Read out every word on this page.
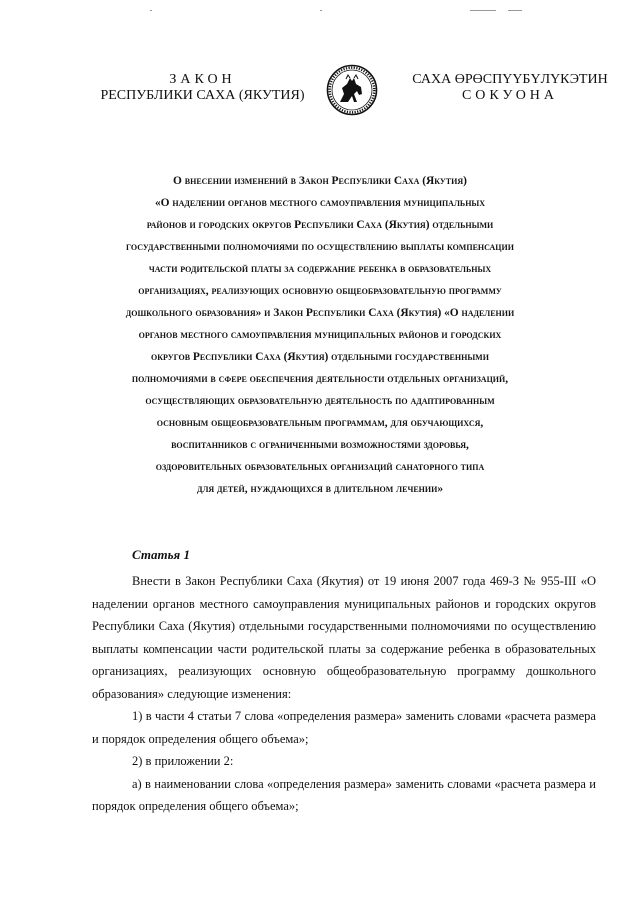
ЗАКОН
РЕСПУБЛИКИ САХА (ЯКУТИЯ)
САХА ӨРӨСПҮҮБҮЛҮКЭТИН
СОКУОНА
О внесении изменений в Закон Республики Саха (Якутия)
«О наделении органов местного самоуправления муниципальных
районов и городских округов Республики Саха (Якутия) отдельными
государственными полномочиями по осуществлению выплаты компенсации
части родительской платы за содержание ребенка в образовательных
организациях, реализующих основную общеобразовательную программу
дошкольного образования» и Закон Республики Саха (Якутия) «О наделении
органов местного самоуправления муниципальных районов и городских
округов Республики Саха (Якутия) отдельными государственными
полномочиями в сфере обеспечения деятельности отдельных организаций,
осуществляющих образовательную деятельность по адаптированным
основным общеобразовательным программам, для обучающихся,
воспитанников с ограниченными возможностями здоровья,
оздоровительных образовательных организаций санаторного типа
для детей, нуждающихся в длительном лечении»
Статья 1

Внести в Закон Республики Саха (Якутия) от 19 июня 2007 года 469-З № 955-III «О наделении органов местного самоуправления муниципальных районов и городских округов Республики Саха (Якутия) отдельными государственными полномочиями по осуществлению выплаты компенсации части родительской платы за содержание ребенка в образовательных организациях, реализующих основную общеобразовательную программу дошкольного образования» следующие изменения:

1) в части 4 статьи 7 слова «определения размера» заменить словами «расчета размера и порядок определения общего объема»;

2) в приложении 2:

а) в наименовании слова «определения размера» заменить словами «расчета размера и порядок определения общего объема»;
